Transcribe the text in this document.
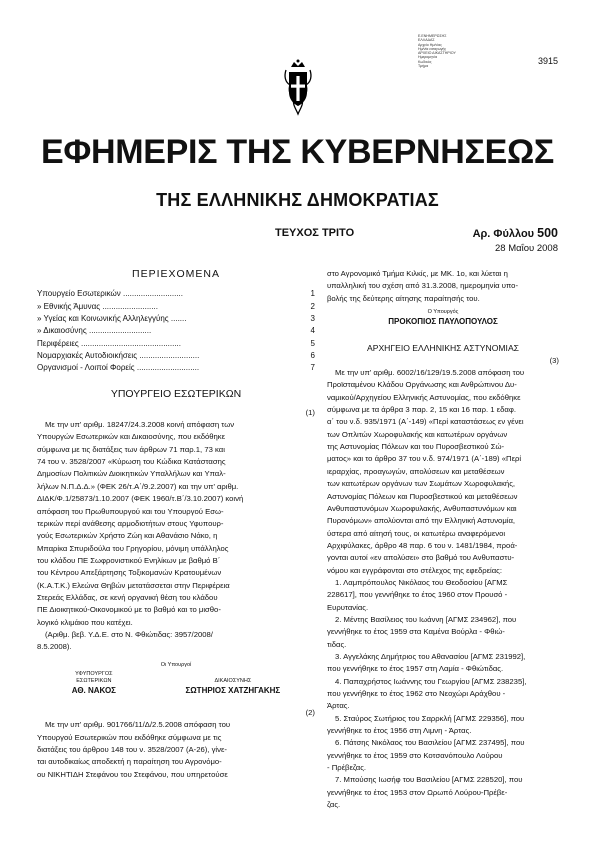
Ε.ΕΝΗΜΕΡΩΣΗΣ
ΕΛΛΑΔΑΣ
Αρχείο Ημ/νίας
Ημ/νία εισαγωγής
ΑΡΧΕΙΟ ΔΙΚΑΣΤΗΡΙΟΥ
Ημερομηνία
Κωδικός
Τμήμα
3915
ΕΦΗΜΕΡΙΣ ΤΗΣ ΚΥΒΕΡΝΗΣΕΩΣ
ΤΗΣ ΕΛΛΗΝΙΚΗΣ ΔΗΜΟΚΡΑΤΙΑΣ
ΤΕΥΧΟΣ ΤΡΙΤΟ	Αρ. Φύλλου 500
28 Μαΐου 2008
ΠΕΡΙΕΧΟΜΕΝΑ
Υπουργείο Εσωτερικών ...........................	1
» Εθνικής Άμυνας .........................	2
» Υγείας και Κοινωνικής Αλληλεγγύης .......	3
» Δικαιοσύνης ............................	4
Περιφέρειες .............................................	5
Νομαρχιακές Αυτοδιοικήσεις ...........................	6
Οργανισμοί - Λοιποί Φορείς ............................	7
ΥΠΟΥΡΓΕΙΟ ΕΣΩΤΕΡΙΚΩΝ
(1)

Με την υπ’ αριθμ. 18247/24.3.2008 κοινή απόφαση των

Υπουργών Εσωτερικών και Δικαιοσύνης, που εκδόθηκε

σύμφωνα με τις διατάξεις των άρθρων 71 παρ.1, 73 και

74 του ν. 3528/2007 «Κύρωση του Κώδικα Κατάστασης

Δημοσίων Πολιτικών Διοικητικών Υπαλλήλων και Υπαλ-

λήλων Ν.Π.Δ.Δ.» (ΦΕΚ 26/τ.Α΄/9.2.2007) και την υπ’ αριθμ.

ΔΙΔΚ/Φ.1/25873/1.10.2007 (ΦΕΚ 1960/τ.Β΄/3.10.2007) κοινή

απόφαση του Πρωθυπουργού και του Υπουργού Εσω-

τερικών περί ανάθεσης αρμοδιοτήτων στους Υφυπουρ-

γούς Εσωτερικών Χρήστο Ζώη και Αθανάσιο Νάκο, η

Μπαρίκα Σπυριδούλα του Γρηγορίου, μόνιμη υπάλληλος

του κλάδου ΠΕ Σωφρονιστικού Ενηλίκων με βαθμό Β΄

του Κέντρου Απεξάρτησης Τοξικομανών Κρατουμένων

(Κ.Α.Τ.Κ.) Ελεώνα Θηβών μετατάσσεται στην Περιφέρεια

Στερεάς Ελλάδας, σε κενή οργανική θέση του κλάδου

ΠΕ Διοικητικού-Οικονομικού με το βαθμό και το μισθο-

λογικό κλιμάκιο που κατέχει.

(Αριθμ. βεβ. Υ.Δ.Ε. στο Ν. Φθιώτιδας: 3957/2008/

8.5.2008).

Οι Υπουργοί
ΥΦΥΠΟΥΡΓΟΣ
ΕΣΩΤΕΡΙΚΩΝ
ΑΘ. ΝΑΚΟΣ
ΔΙΚΑΙΟΣΥΝΗΣ
ΣΩΤΗΡΙΟΣ ΧΑΤΖΗΓΑΚΗΣ
(2)

Με την υπ’ αριθμ. 901766/11/Δ/2.5.2008 απόφαση του

Υπουργού Εσωτερικών που εκδόθηκε σύμφωνα με τις

διατάξεις του άρθρου 148 του ν. 3528/2007 (Α-26), γίνε-

ται αυτοδικαίως αποδεκτή η παραίτηση του Αγρονόμο-

ου ΝΙΚΗΤΙΔΗ Στεφάνου του Στεφάνου, που υπηρετούσε

στο Αγρονομικό Τμήμα Κιλκίς, με ΜΚ. 1ο, και λύεται η

υπαλληλική του σχέση από 31.3.2008, ημερομηνία υπο-

βολής της δεύτερης αίτησης παραίτησής του.

Ο Υπουργός
ΠΡΟΚΟΠΙΟΣ ΠΑΥΛΟΠΟΥΛΟΣ
ΑΡΧΗΓΕΙΟ ΕΛΛΗΝΙΚΗΣ ΑΣΤΥΝΟΜΙΑΣ
(3)

Με την υπ’ αριθμ. 6002/16/129/19.5.2008 απόφαση του

Προϊσταμένου Κλάδου Οργάνωσης και Ανθρώπινου Δυ-

ναμικού/Αρχηγείου Ελληνικής Αστυνομίας, που εκδόθηκε

σύμφωνα με τα άρθρα 3 παρ. 2, 15 και 16 παρ. 1 εδαφ.

α΄ του ν.δ. 935/1971 (Α΄-149) «Περί καταστάσεως εν γένει

των Οπλιτών Χωροφυλακής και κατωτέρων οργάνων

της Αστυνομίας Πόλεων και του Πυροσβεστικού Σώ-

ματος» και το άρθρο 37 του ν.δ. 974/1971 (Α΄-189) «Περί

ιεραρχίας, προαγωγών, απολύσεων και μεταθέσεων

των κατωτέρων οργάνων των Σωμάτων Χωροφυλακής,

Αστυνομίας Πόλεων και Πυροσβεστικού και μεταθέσεων

Ανθυπαστυνόμων Χωροφυλακής, Ανθυπαστυνόμων και

Πυρονόμων» απολύονται από την Ελληνική Αστυνομία,

ύστερα από αίτησή τους, οι κατωτέρω αναφερόμενοι

Αρχιφύλακες, άρθρο 48 παρ. 6 του ν. 1481/1984, προά-

γονται αυτοί «εν απολύσει» στο βαθμό του Ανθυπαστυ-

νόμου και εγγράφονται στο στέλεχος της εφεδρείας:

1. Λαμπρόπουλος Νικόλαος του Θεοδοσίου [ΑΓΜΣ

228617], που γεννήθηκε το έτος 1960 στον Προυσό -

Ευρυτανίας.

2. Μέντης Βασίλειος του Ιωάννη [ΑΓΜΣ 234962], που

γεννήθηκε το έτος 1959 στα Καμένα Βούρλα - Φθιώ-

τιδας.

3. Αγγελάκης Δημήτριος του Αθανασίου [ΑΓΜΣ 231992],

που γεννήθηκε το έτος 1957 στη Λαμία - Φθιώτιδας.

4. Παπαχρήστος Ιωάννης του Γεωργίου [ΑΓΜΣ 238235],

που γεννήθηκε το έτος 1962 στο Νεοχώρι Αράχθου -

Άρτας.

5. Σταύρος Σωτήριος του Σαρρκλή [ΑΓΜΣ 229356], που

γεννήθηκε το έτος 1956 στη Λιμνη - Άρτας.

6. Πάτσης Νικόλαος του Βασιλείου [ΑΓΜΣ 237495], που

γεννήθηκε το έτος 1959 στο Κοτσανόπουλο Λούρου

- Πρέβεζας.

7. Μπούσης Ιωσήφ του Βασιλείου [ΑΓΜΣ 228520], που

γεννήθηκε το έτος 1953 στον Ωρωπό Λούρου-Πρέβε-

ζας.
